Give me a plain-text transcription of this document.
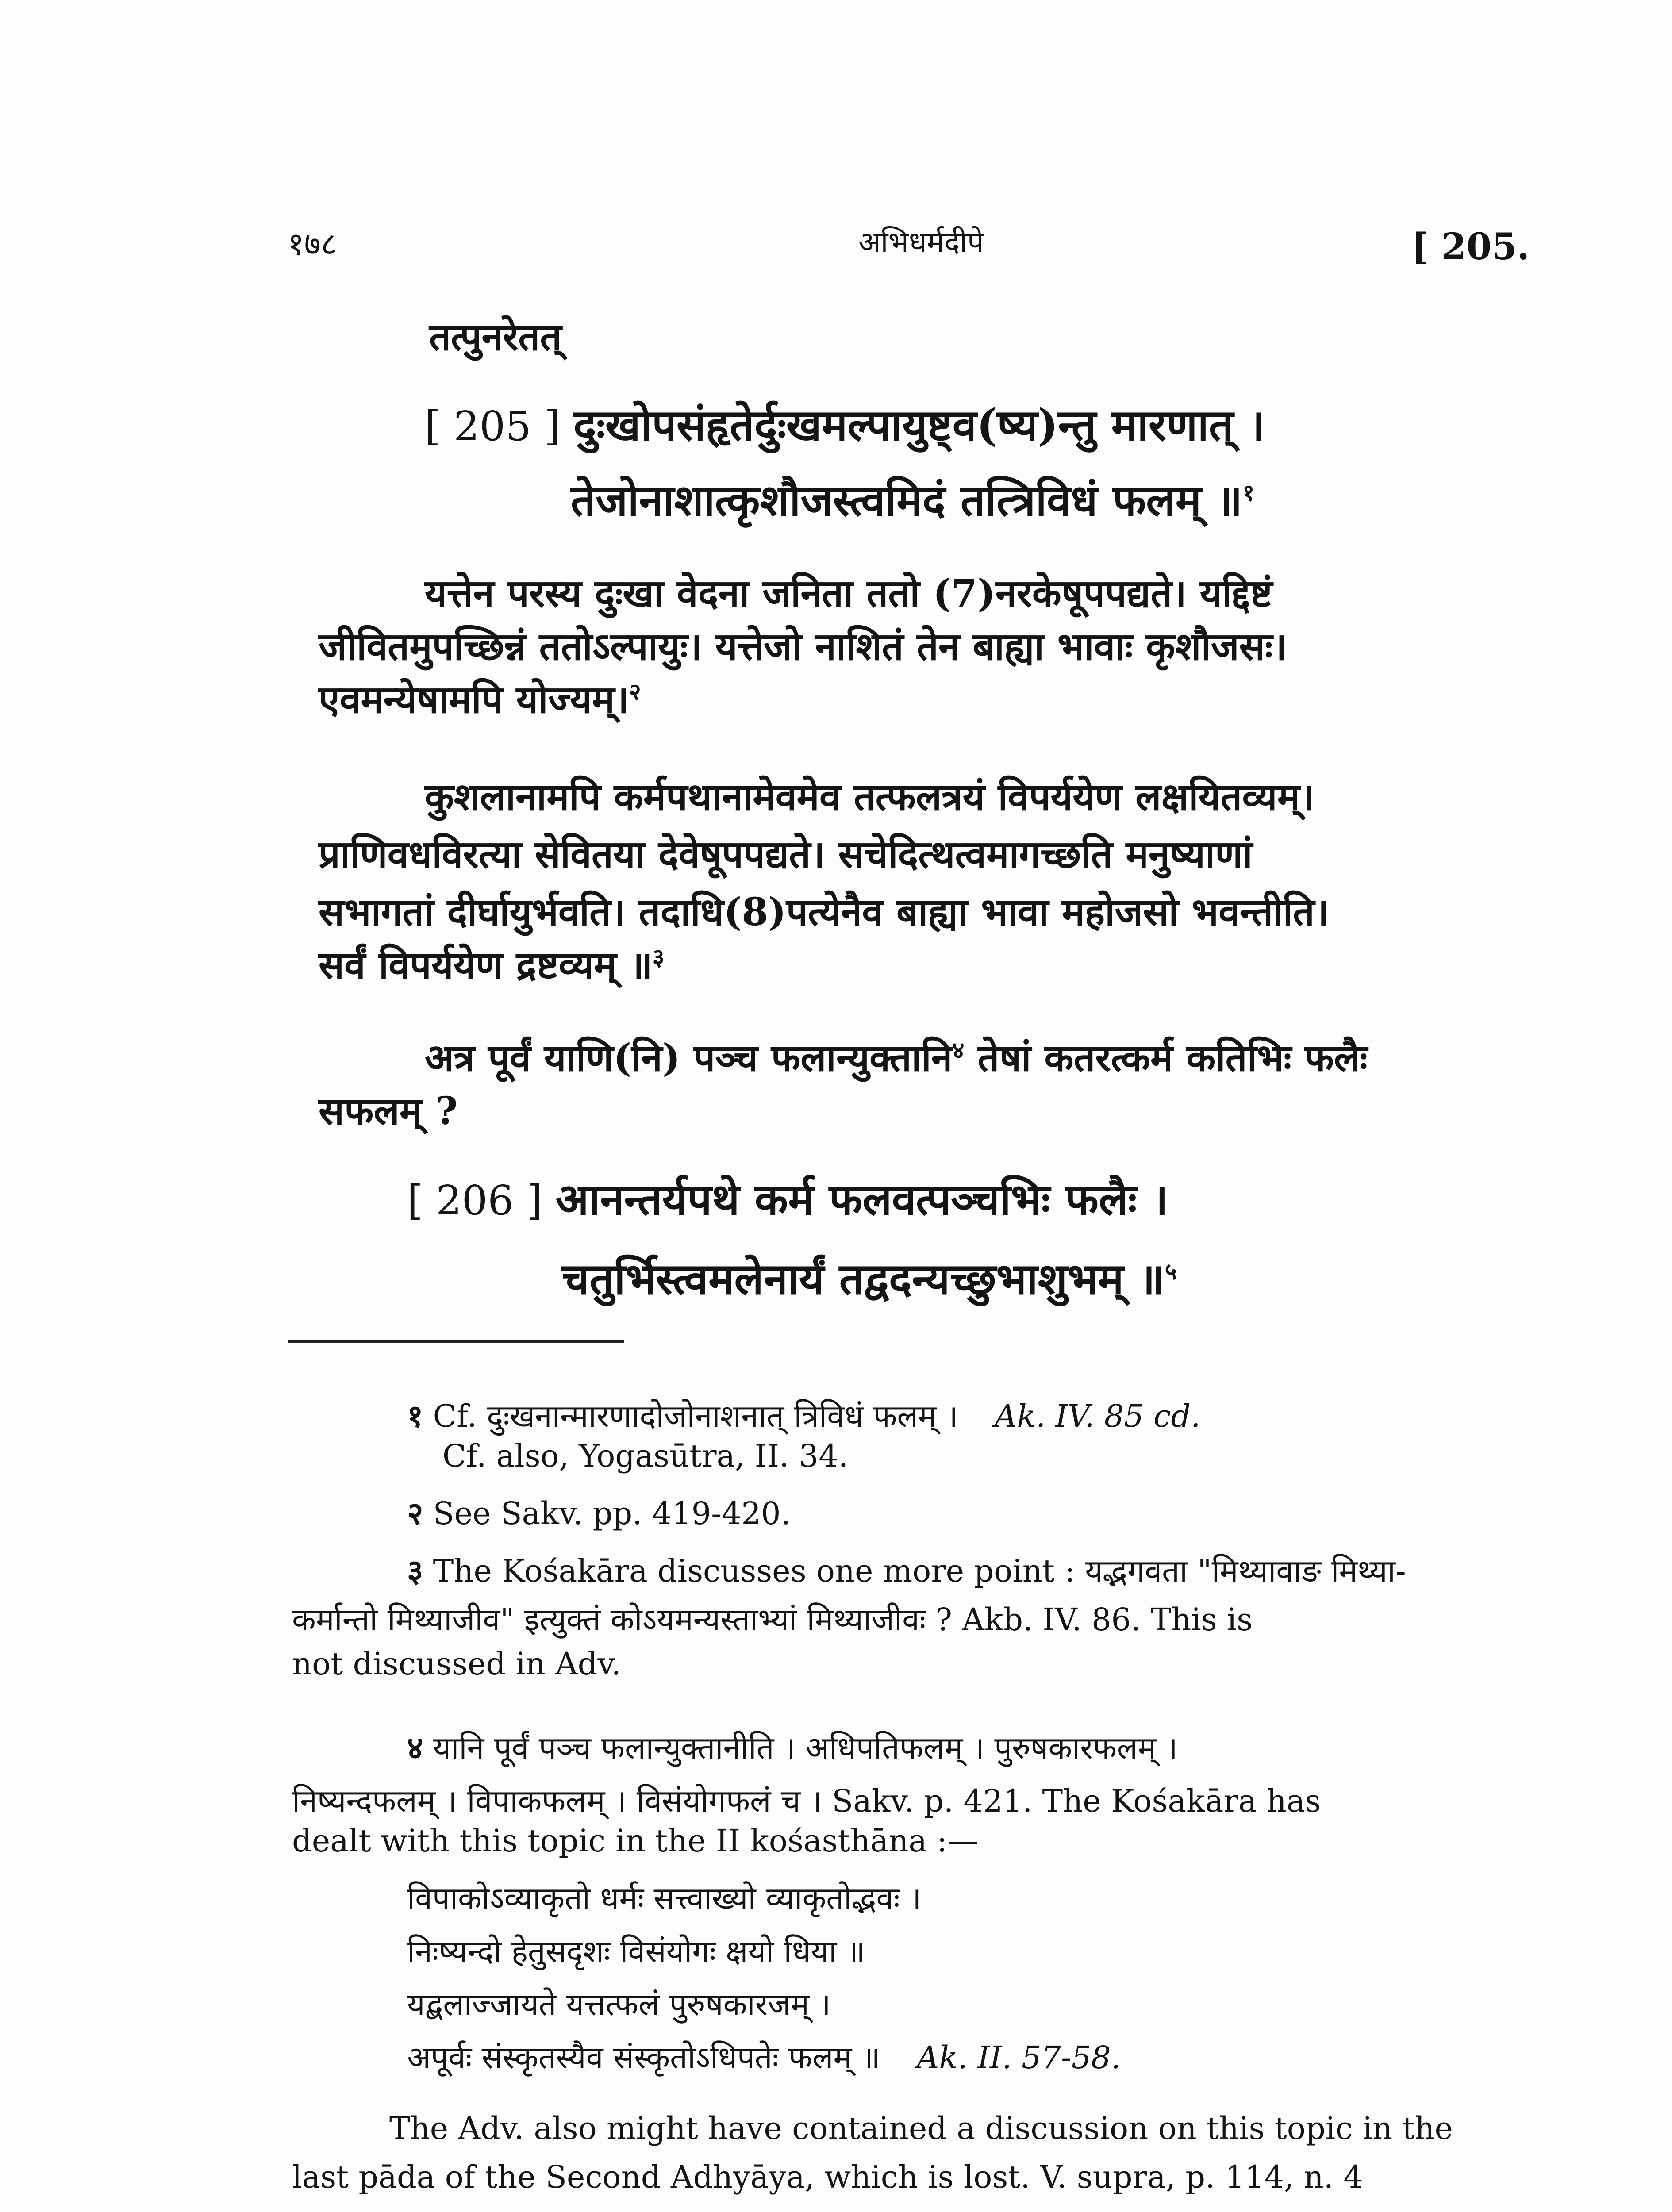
१७८	अभिधर्मदीपे	[ 205.
तत्पुनरेतत्
[ 205 ] दुःखोपसंहृतेर्दुःखमल्पायुष्ट्व(ष्य)न्तु मारणात् ।
तेजोनाशात्कृशौजस्त्वमिदं तत्त्रिविधं फलम् ॥$^१$
यत्तेन परस्य दुःखा वेदना जनिता ततो (7)नरकेषूपपद्यते। यद्दिष्टं
जीवितमुपच्छिन्नं ततोऽल्पायुः। यत्तेजो नाशितं तेन बाह्या भावाः कृशौजसः।
एवमन्येषामपि योज्यम्।$^२$
कुशलानामपि कर्मपथानामेवमेव तत्फलत्रयं विपर्ययेण लक्षयितव्यम्।
प्राणिवधविरत्या सेवितया देवेषूपपद्यते। सचेदित्थत्वमागच्छति मनुष्याणां
सभागतां दीर्घायुर्भवति। तदाधि(8)पत्येनैव बाह्या भावा महोजसो भवन्तीति।
सर्वं विपर्ययेण द्रष्टव्यम् ॥$^३$
अत्र पूर्वं याणि(नि) पञ्च फलान्युक्तानि$^४$ तेषां कतरत्कर्म कतिभिः फलैः
सफलम् ?
[ 206 ] आनन्तर्यपथे कर्म फलवत्पञ्चभिः फलैः ।
चतुर्भिस्त्वमलेनार्यं तद्वदन्यच्छुभाशुभम् ॥$^५$
१ Cf. दुःखनान्मारणादोजोनाशनात् त्रिविधं फलम् । Ak. IV. 85 cd.
Cf. also, Yogasūtra, II. 34.
२ See Sakv. pp. 419-420.
३ The Kośakāra discusses one more point : यद्भगवता "मिथ्यावाङ मिथ्या-
कर्मान्तो मिथ्याजीव" इत्युक्तं कोऽयमन्यस्ताभ्यां मिथ्याजीवः ? Akb. IV. 86. This is
not discussed in Adv.
४ यानि पूर्वं पञ्च फलान्युक्तानीति । अधिपतिफलम् । पुरुषकारफलम् ।
निष्यन्दफलम् । विपाकफलम् । विसंयोगफलं च । Sakv. p. 421. The Kośakāra has
dealt with this topic in the II kośasthāna :—
विपाकोऽव्याकृतो धर्मः सत्त्वाख्यो व्याकृतोद्भवः ।
निःष्यन्दो हेतुसदृशः विसंयोगः क्षयो धिया ॥
यद्बलाज्जायते यत्तत्फलं पुरुषकारजम् ।
अपूर्वः संस्कृतस्यैव संस्कृतोऽधिपतेः फलम् ॥ Ak. II. 57-58.
The Adv. also might have contained a discussion on this topic in the
last pāda of the Second Adhyāya, which is lost. V. supra, p. 114, n. 4
